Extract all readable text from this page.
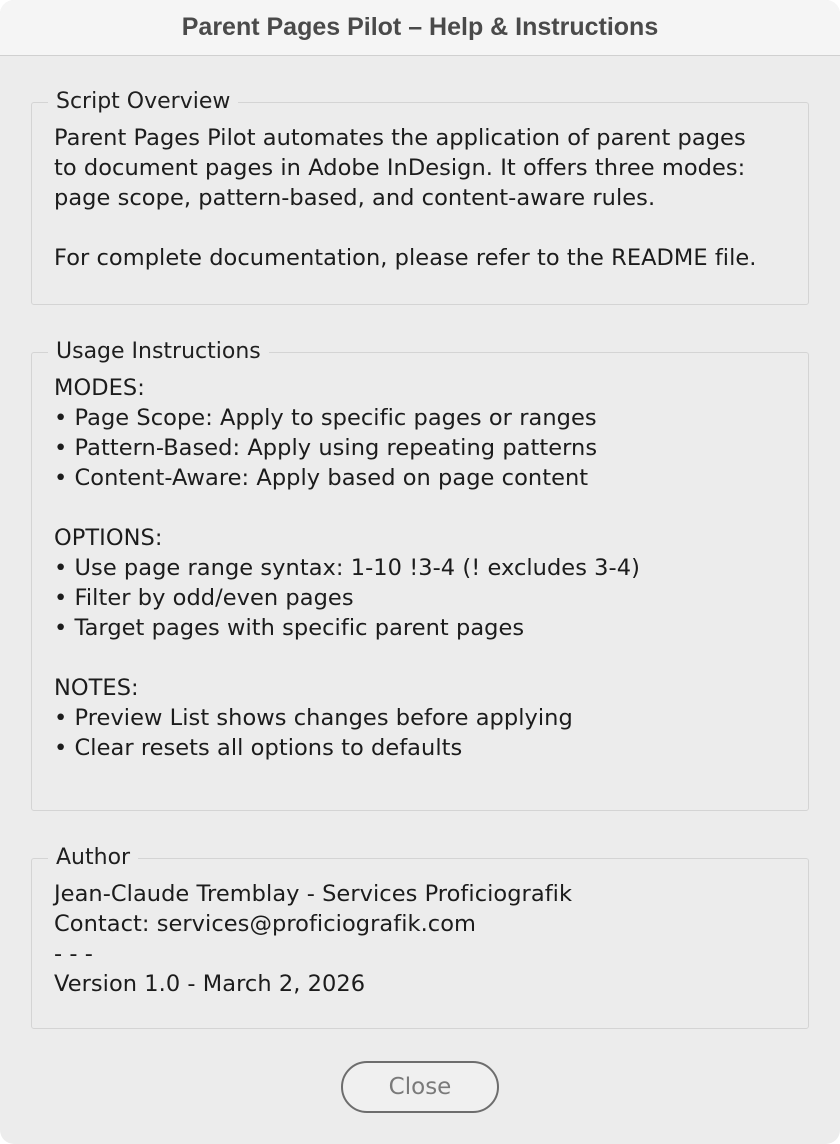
Parent Pages Pilot – Help & Instructions
Script Overview
Parent Pages Pilot automates the application of parent pages
to document pages in Adobe InDesign. It offers three modes:
page scope, pattern-based, and content-aware rules.
For complete documentation, please refer to the README file.
Usage Instructions
MODES:
• Page Scope: Apply to specific pages or ranges
• Pattern-Based: Apply using repeating patterns
• Content-Aware: Apply based on page content
OPTIONS:
• Use page range syntax: 1-10 !3-4 (! excludes 3-4)
• Filter by odd/even pages
• Target pages with specific parent pages
NOTES:
• Preview List shows changes before applying
• Clear resets all options to defaults
Author
Jean-Claude Tremblay - Services Proficiografik
Contact: services@proficiografik.com
- - -
Version 1.0 - March 2, 2026
Close
